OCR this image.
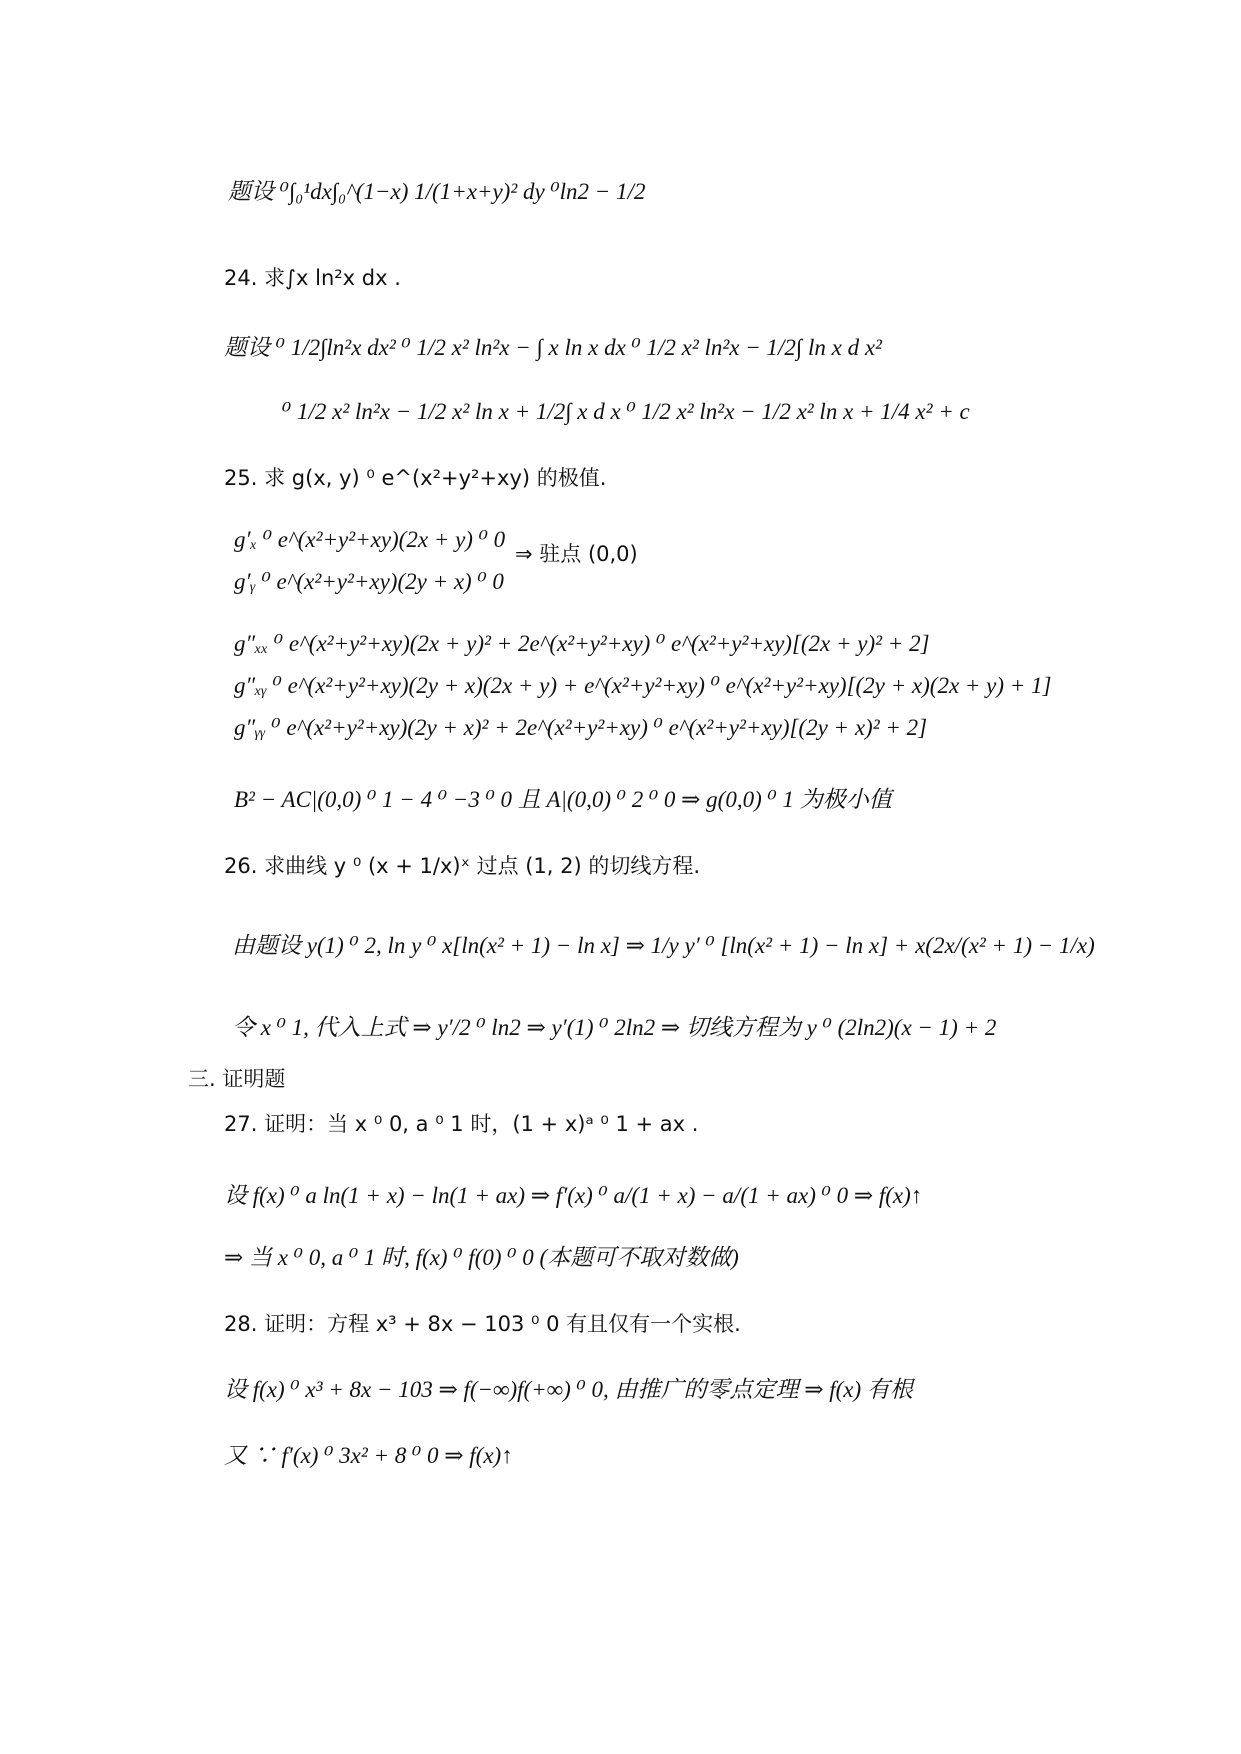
题设 ⁰∫₀¹dx∫₀^(1−x) 1/(1+x+y)² dy ⁰ln2 − 1/2
24. 求∫x ln²x dx .
题设 ⁰ 1/2∫ln²x dx² ⁰ 1/2 x² ln²x − ∫ x ln x dx ⁰ 1/2 x² ln²x − 1/2∫ ln x d x²
⁰ 1/2 x² ln²x − 1/2 x² ln x + 1/2∫ x d x ⁰ 1/2 x² ln²x − 1/2 x² ln x + 1/4 x² + c
25. 求 g(x, y) ⁰ e^(x²+y²+xy) 的极值.
g′ₓ ⁰ e^(x²+y²+xy)(2x + y) ⁰ 0
g′ᵧ ⁰ e^(x²+y²+xy)(2y + x) ⁰ 0
⇒ 驻点 (0,0)
g″ₓₓ ⁰ e^(x²+y²+xy)(2x + y)² + 2e^(x²+y²+xy) ⁰ e^(x²+y²+xy)[(2x + y)² + 2]
g″ₓᵧ ⁰ e^(x²+y²+xy)(2y + x)(2x + y) + e^(x²+y²+xy) ⁰ e^(x²+y²+xy)[(2y + x)(2x + y) + 1]
g″ᵧᵧ ⁰ e^(x²+y²+xy)(2y + x)² + 2e^(x²+y²+xy) ⁰ e^(x²+y²+xy)[(2y + x)² + 2]
B² − AC|(0,0) ⁰ 1 − 4 ⁰ −3 ⁰ 0 且 A|(0,0) ⁰ 2 ⁰ 0 ⇒ g(0,0) ⁰ 1 为极小值
26. 求曲线 y ⁰ (x + 1/x)ˣ 过点 (1, 2) 的切线方程.
由题设 y(1) ⁰ 2, ln y ⁰ x[ln(x² + 1) − ln x] ⇒ 1/y y′ ⁰ [ln(x² + 1) − ln x] + x(2x/(x² + 1) − 1/x)
令 x ⁰ 1, 代入上式 ⇒ y′/2 ⁰ ln2 ⇒ y′(1) ⁰ 2ln2 ⇒ 切线方程为 y ⁰ (2ln2)(x − 1) + 2
三. 证明题
27. 证明：当 x ⁰ 0, a ⁰ 1 时，(1 + x)ᵃ ⁰ 1 + ax .
设 f(x) ⁰ a ln(1 + x) − ln(1 + ax) ⇒ f′(x) ⁰ a/(1 + x) − a/(1 + ax) ⁰ 0 ⇒ f(x)↑
⇒ 当 x ⁰ 0, a ⁰ 1 时, f(x) ⁰ f(0) ⁰ 0 (本题可不取对数做)
28. 证明：方程 x³ + 8x − 103 ⁰ 0 有且仅有一个实根.
设 f(x) ⁰ x³ + 8x − 103 ⇒ f(−∞)f(+∞) ⁰ 0, 由推广的零点定理 ⇒ f(x) 有根
又 ∵ f′(x) ⁰ 3x² + 8 ⁰ 0 ⇒ f(x)↑
